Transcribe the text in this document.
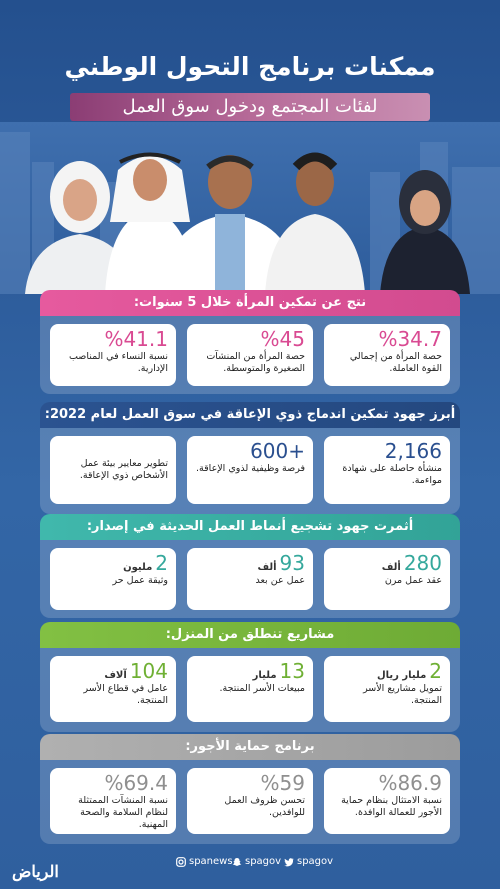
ممكنات برنامج التحول الوطني
لفئات المجتمع ودخول سوق العمل
نتج عن تمكين المرأة خلال 5 سنوات:
%34.7
حصة المرأة من إجمالي القوة العاملة.
%45
حصة المرأة من المنشآت الصغيرة والمتوسطة.
%41.1
نسبة النساء في المناصب الإدارية.
أبرز جهود تمكين اندماج ذوي الإعاقة في سوق العمل لعام 2022:
2,166
منشأة حاصلة على شهادة مواءمة.
600+
فرصة وظيفية لذوي الإعاقة.
تطوير معايير بيئة عمل الأشخاص ذوي الإعاقة.
أثمرت جهود تشجيع أنماط العمل الحديثة في إصدار:
280ألف
عقد عمل مرن
93ألف
عمل عن بعد
2مليون
وثيقة عمل حر
مشاريع تنطلق من المنزل:
2مليار ريال
تمويل مشاريع الأسر المنتجة.
13مليار
مبيعات الأسر المنتجة.
104آلاف
عامل في قطاع الأسر المنتجة.
برنامج حماية الأجور:
%86.9
نسبة الامتثال بنظام حماية الأجور للعمالة الوافدة.
%59
تحسن ظروف العمل للوافدين.
%69.4
نسبة المنشآت الممتثلة لنظام السلامة والصحة المهنية.
الرياض
spanews spagov spagov
